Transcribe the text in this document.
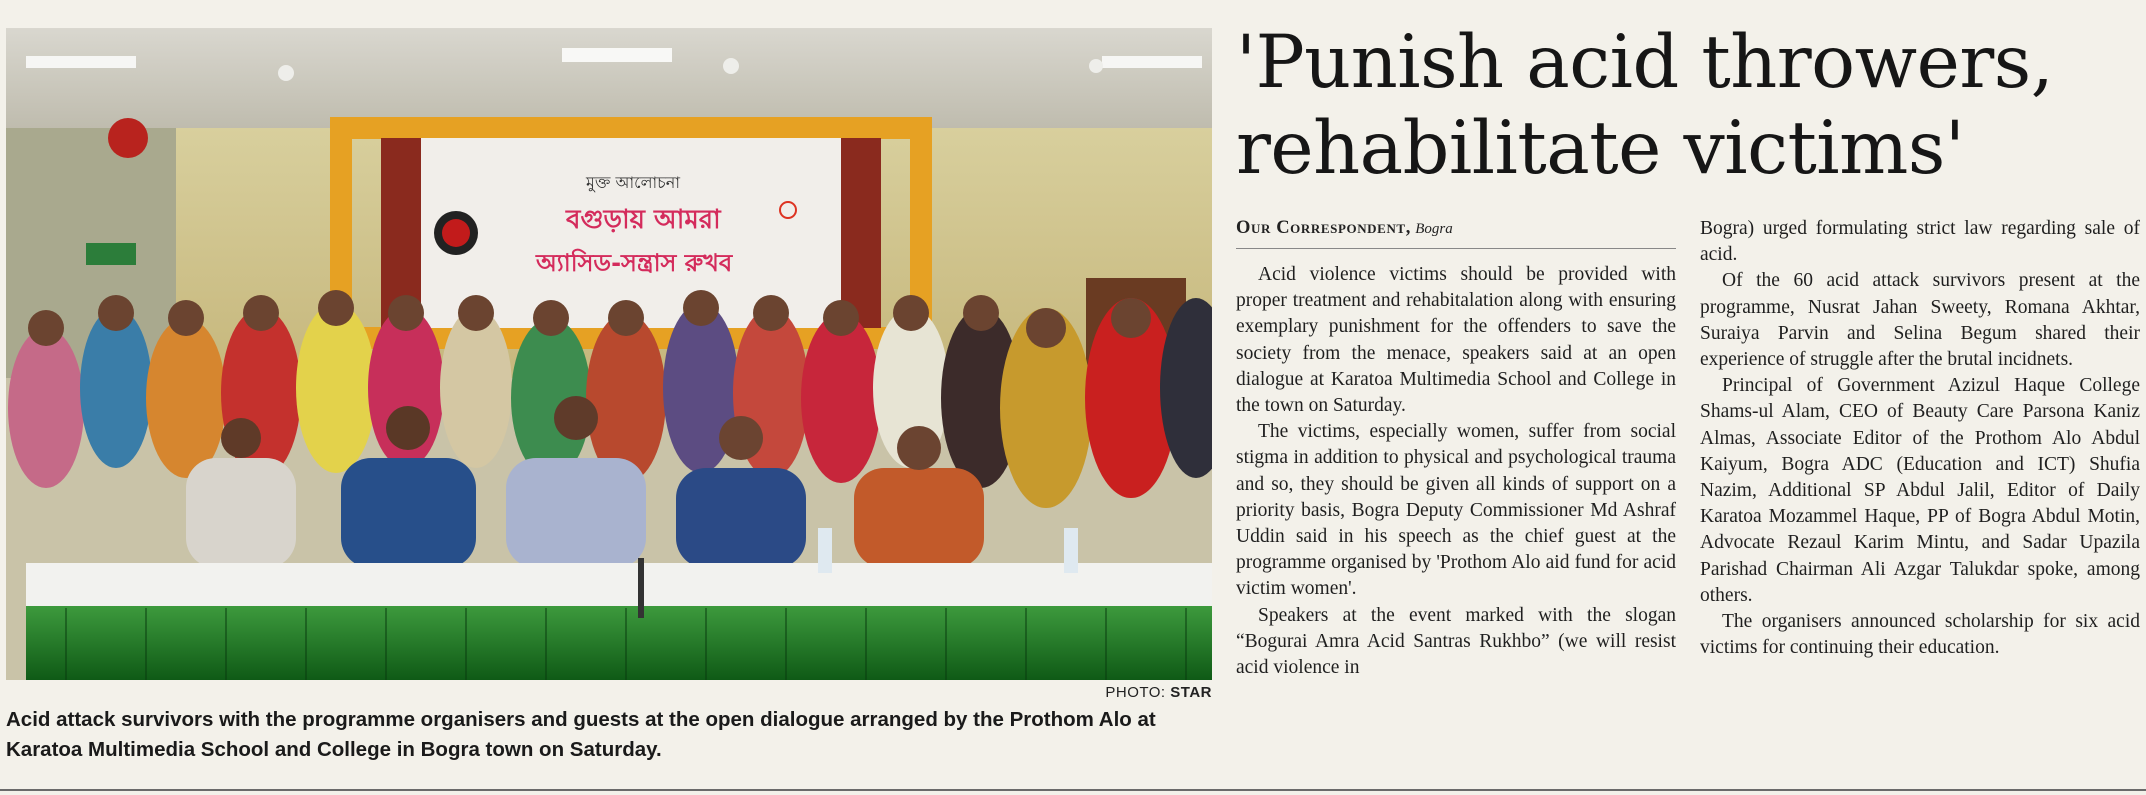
মুক্ত আলোচনা
বগুড়ায় আমরা
অ্যাসিড-সন্ত্রাস রুখব
PHOTO: STAR
Acid attack survivors with the programme organisers and guests at the open dialogue arranged by the Prothom Alo at Karatoa Multimedia School and College in Bogra town on Saturday.
'Punish acid throwers,
rehabilitate victims'
Our Correspondent, Bogra

Acid violence victims should be provided with proper treatment and rehabitalation along with ensuring exemplary punishment for the offenders to save the society from the menace, speakers said at an open dialogue at Karatoa Multimedia School and College in the town on Saturday.

The victims, especially women, suffer from social stigma in addition to physical and psychological trauma and so, they should be given all kinds of support on a priority basis, Bogra Deputy Commissioner Md Ashraf Uddin said in his speech as the chief guest at the programme organised by 'Prothom Alo aid fund for acid victim women'.

Speakers at the event marked with the slogan “Bogurai Amra Acid Santras Rukhbo” (we will resist acid violence in

Bogra) urged formulating strict law regarding sale of acid.

Of the 60 acid attack survivors present at the programme, Nusrat Jahan Sweety, Romana Akhtar, Suraiya Parvin and Selina Begum shared their experience of struggle after the brutal incidnets.

Principal of Government Azizul Haque College Shams-ul Alam, CEO of Beauty Care Parsona Kaniz Almas, Associate Editor of the Prothom Alo Abdul Kaiyum, Bogra ADC (Education and ICT) Shufia Nazim, Additional SP Abdul Jalil, Editor of Daily Karatoa Mozammel Haque, PP of Bogra Abdul Motin, Advocate Rezaul Karim Mintu, and Sadar Upazila Parishad Chairman Ali Azgar Talukdar spoke, among others.

The organisers announced scholarship for six acid victims for continuing their education.
